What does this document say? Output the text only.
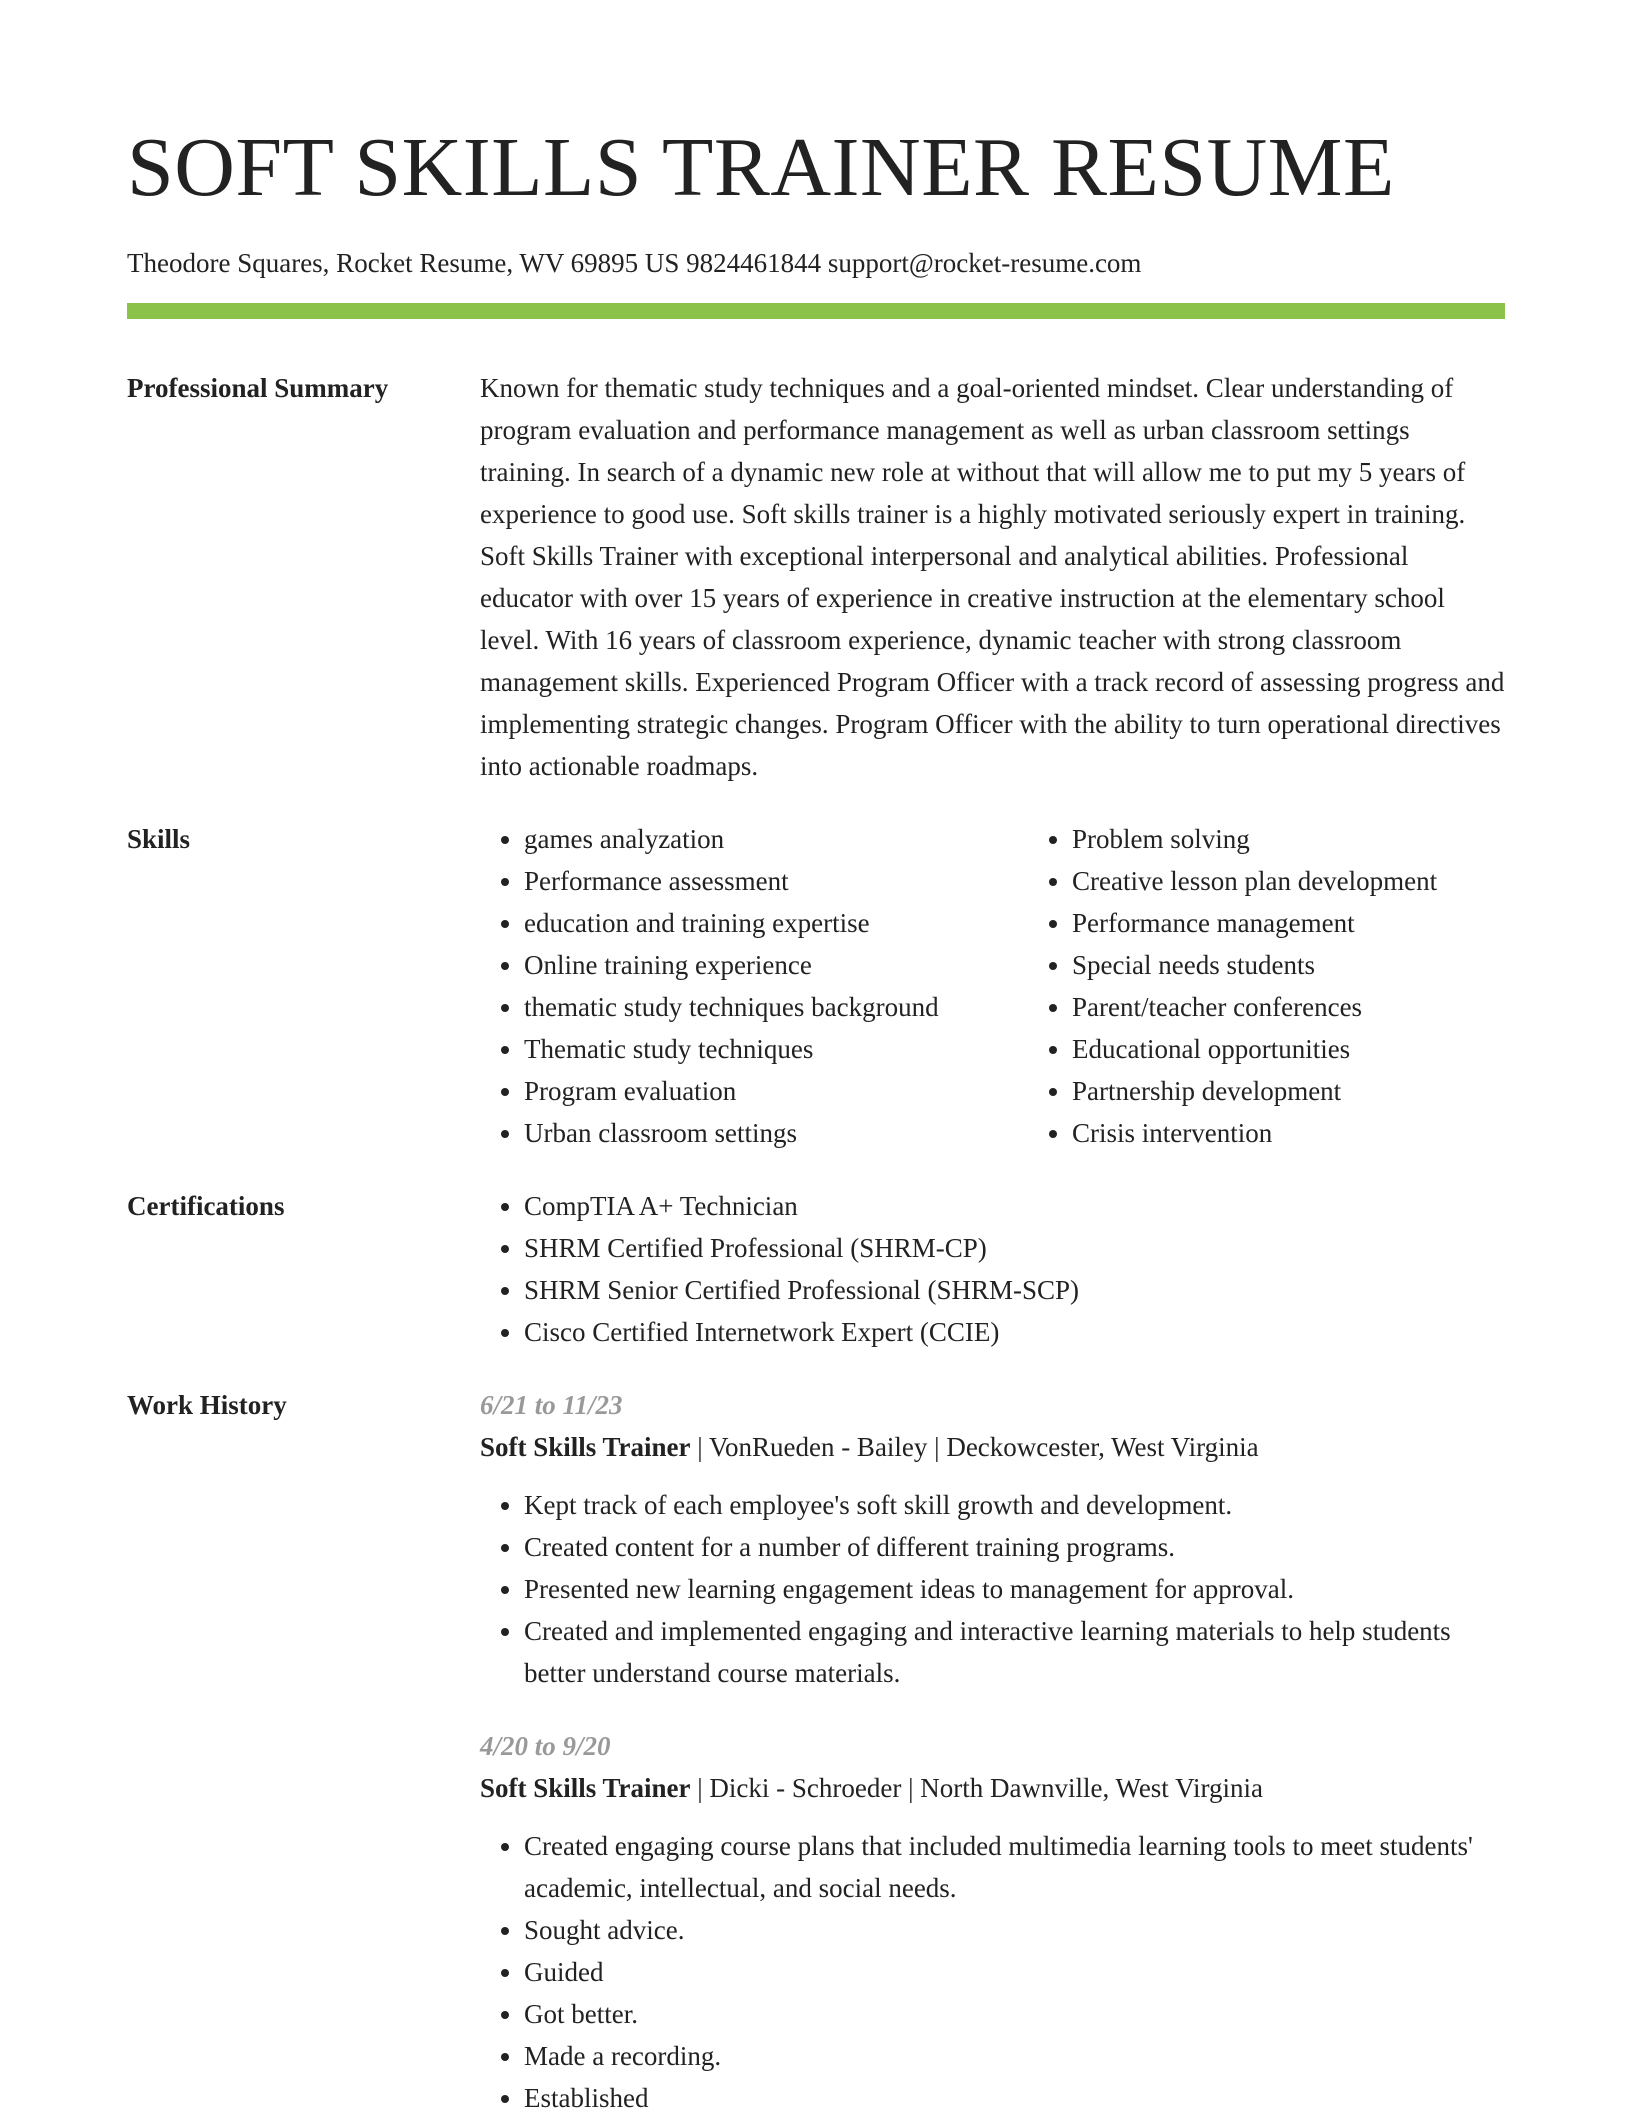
SOFT SKILLS TRAINER RESUME
Theodore Squares, Rocket Resume, WV 69895 US 9824461844 support@rocket-resume.com
Professional Summary	Known for thematic study techniques and a goal-oriented mindset. Clear understanding of program evaluation and performance management as well as urban classroom settings training. In search of a dynamic new role at without that will allow me to put my 5 years of experience to good use. Soft skills trainer is a highly motivated seriously expert in training. Soft Skills Trainer with exceptional interpersonal and analytical abilities. Professional educator with over 15 years of experience in creative instruction at the elementary school level. With 16 years of classroom experience, dynamic teacher with strong classroom management skills. Experienced Program Officer with a track record of assessing progress and implementing strategic changes. Program Officer with the ability to turn operational directives into actionable roadmaps.

Skills	• games analyzation
• Performance assessment
• education and training expertise
• Online training experience
• thematic study techniques background
• Thematic study techniques
• Program evaluation
• Urban classroom settings
• Problem solving
• Creative lesson plan development
• Performance management
• Special needs students
• Parent/teacher conferences
• Educational opportunities
• Partnership development
• Crisis intervention
Certifications	• CompTIA A+ Technician
• SHRM Certified Professional (SHRM-CP)
• SHRM Senior Certified Professional (SHRM-SCP)
• Cisco Certified Internetwork Expert (CCIE)
Work History	6/21 to 11/23
Soft Skills Trainer | VonRueden - Bailey | Deckowcester, West Virginia
• Kept track of each employee's soft skill growth and development.
• Created content for a number of different training programs.
• Presented new learning engagement ideas to management for approval.
• Created and implemented engaging and interactive learning materials to help students better understand course materials.
4/20 to 9/20
Soft Skills Trainer | Dicki - Schroeder | North Dawnville, West Virginia
• Created engaging course plans that included multimedia learning tools to meet students' academic, intellectual, and social needs.
• Sought advice.
• Guided
• Got better.
• Made a recording.
• Established
